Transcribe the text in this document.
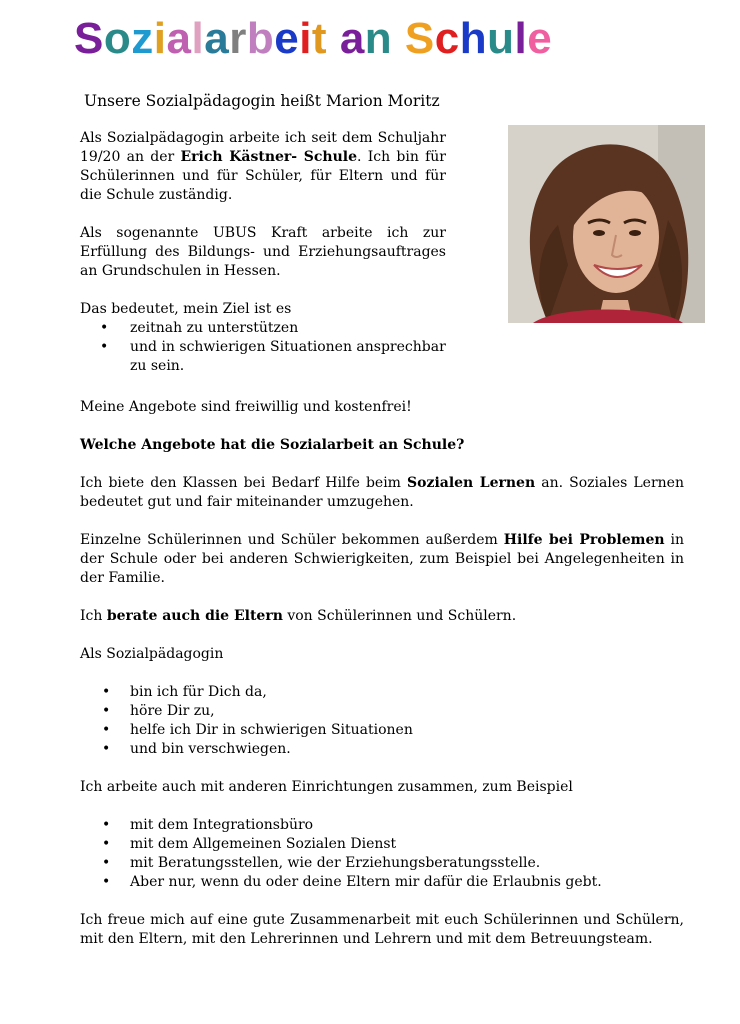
Sozialarbeit an Schule

Unsere Sozialpädagogin heißt Marion Moritz

Als Sozialpädagogin arbeite ich seit dem Schuljahr 19/20 an der Erich Kästner- Schule. Ich bin für Schülerinnen und für Schüler, für Eltern und für die Schule zuständig.

Als sogenannte UBUS Kraft arbeite ich zur Erfüllung des Bildungs- und Erziehungsauftrages an Grundschulen in Hessen.

Das bedeutet, mein Ziel ist es

• zeitnah zu unterstützen
• und in schwierigen Situationen ansprechbar zu sein.

Meine Angebote sind freiwillig und kostenfrei!

Welche Angebote hat die Sozialarbeit an Schule?

Ich biete den Klassen bei Bedarf Hilfe beim Sozialen Lernen an. Soziales Lernen bedeutet gut und fair miteinander umzugehen.

Einzelne Schülerinnen und Schüler bekommen außerdem Hilfe bei Problemen in der Schule oder bei anderen Schwierigkeiten, zum Beispiel bei Angelegenheiten in der Familie.

Ich berate auch die Eltern von Schülerinnen und Schülern.

Als Sozialpädagogin

• bin ich für Dich da,
• höre Dir zu,
• helfe ich Dir in schwierigen Situationen
• und bin verschwiegen.

Ich arbeite auch mit anderen Einrichtungen zusammen, zum Beispiel

• mit dem Integrationsbüro
• mit dem Allgemeinen Sozialen Dienst
• mit Beratungsstellen, wie der Erziehungsberatungsstelle.
• Aber nur, wenn du oder deine Eltern mir dafür die Erlaubnis gebt.

Ich freue mich auf eine gute Zusammenarbeit mit euch Schülerinnen und Schülern, mit den Eltern, mit den Lehrerinnen und Lehrern und mit dem Betreuungsteam.
